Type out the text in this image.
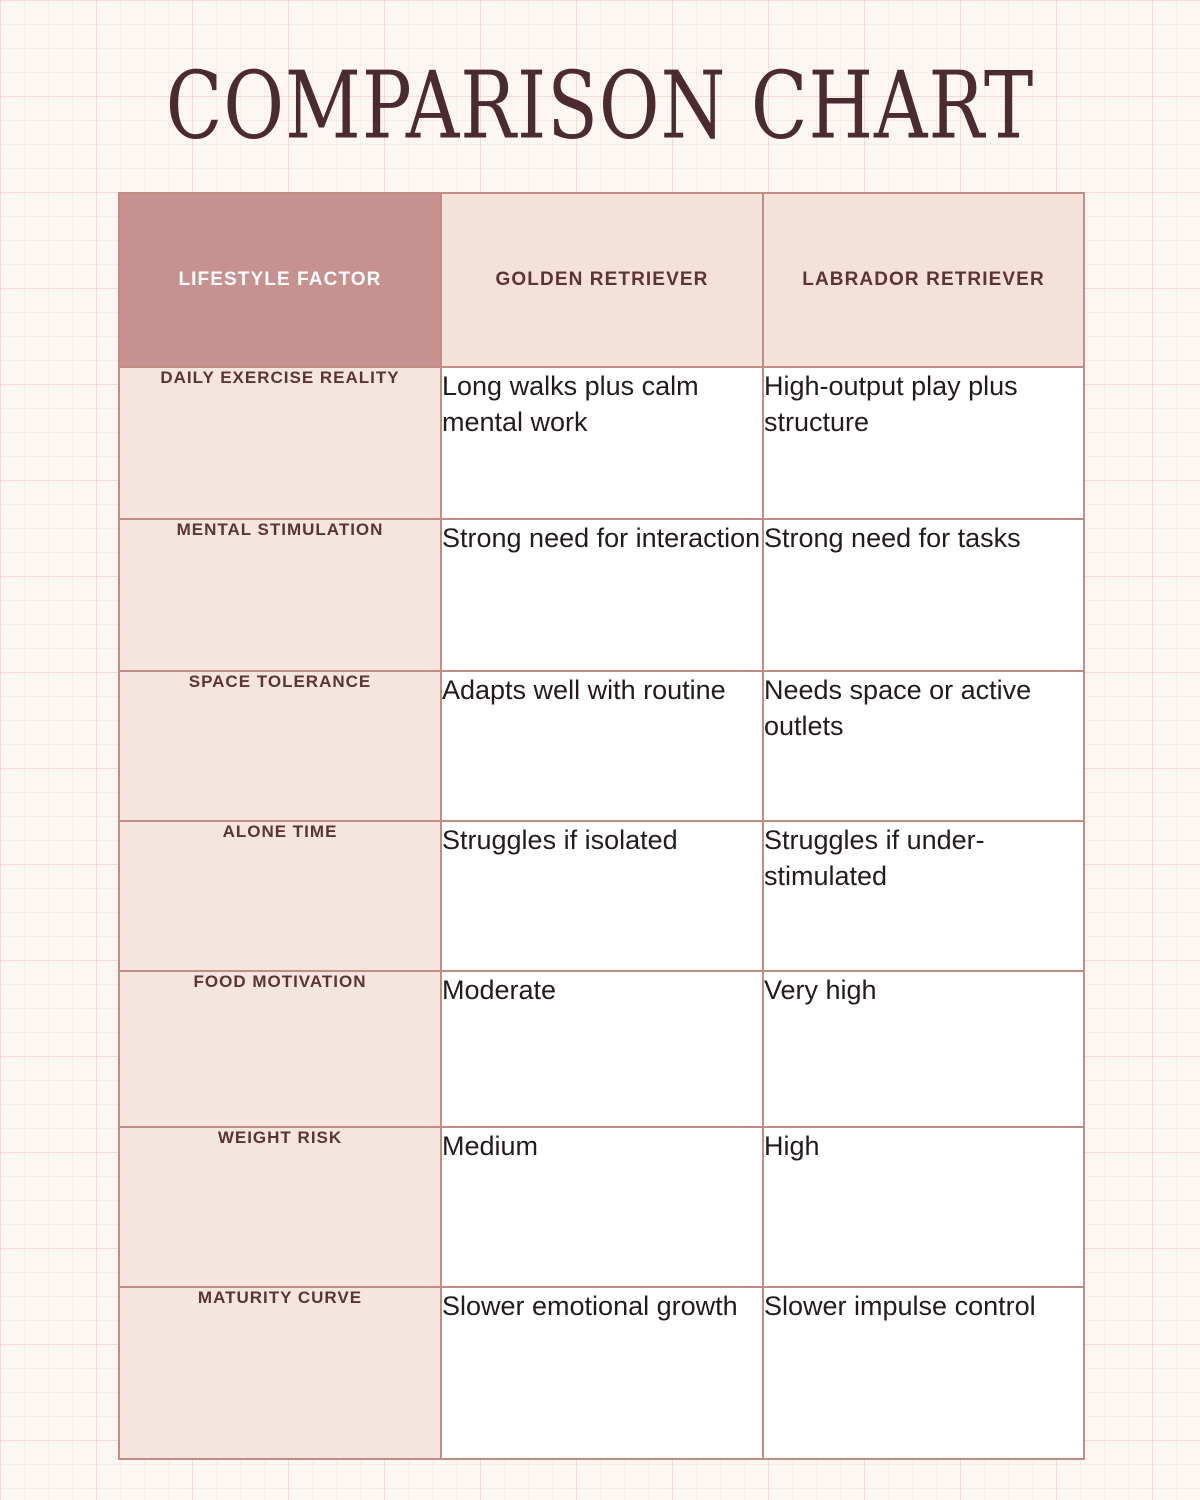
COMPARISON CHART
LIFESTYLE FACTOR	GOLDEN RETRIEVER	LABRADOR RETRIEVER
DAILY EXERCISE REALITY	Long walks plus calm mental work	High-output play plus structure
MENTAL STIMULATION	Strong need for interaction	Strong need for tasks
SPACE TOLERANCE	Adapts well with routine	Needs space or active outlets
ALONE TIME	Struggles if isolated	Struggles if under-stimulated
FOOD MOTIVATION	Moderate	Very high
WEIGHT RISK	Medium	High
MATURITY CURVE	Slower emotional growth	Slower impulse control
